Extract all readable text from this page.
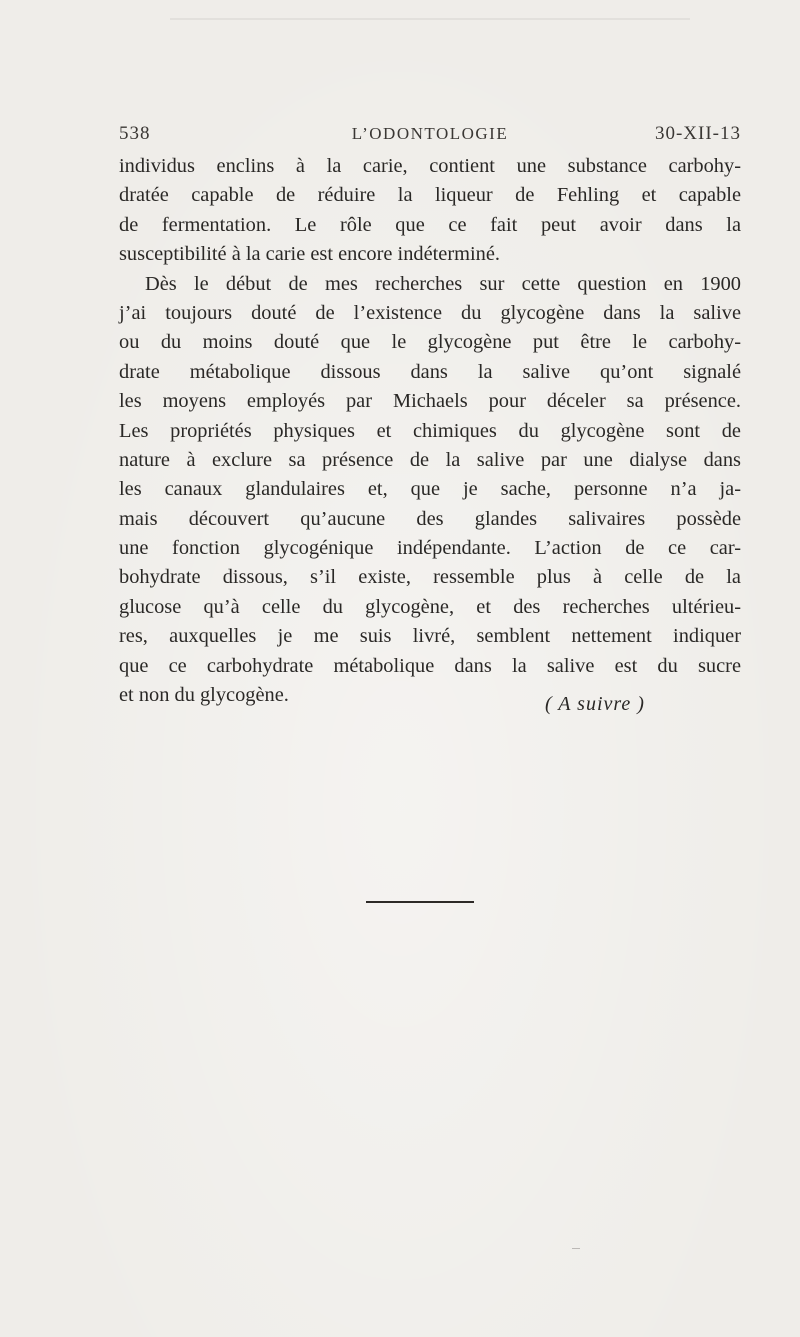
538	L’ODONTOLOGIE	30-XII-13
individus enclins à la carie, contient une substance carbohy-
dratée capable de réduire la liqueur de Fehling et capable
de fermentation. Le rôle que ce fait peut avoir dans la
susceptibilité à la carie est encore indéterminé.
Dès le début de mes recherches sur cette question en 1900
j’ai toujours douté de l’existence du glycogène dans la salive
ou du moins douté que le glycogène put être le carbohy-
drate métabolique dissous dans la salive qu’ont signalé
les moyens employés par Michaels pour déceler sa présence.
Les propriétés physiques et chimiques du glycogène sont de
nature à exclure sa présence de la salive par une dialyse dans
les canaux glandulaires et, que je sache, personne n’a ja-
mais découvert qu’aucune des glandes salivaires possède
une fonction glycogénique indépendante. L’action de ce car-
bohydrate dissous, s’il existe, ressemble plus à celle de la
glucose qu’à celle du glycogène, et des recherches ultérieu-
res, auxquelles je me suis livré, semblent nettement indiquer
que ce carbohydrate métabolique dans la salive est du sucre
et non du glycogène.	( A suivre )
